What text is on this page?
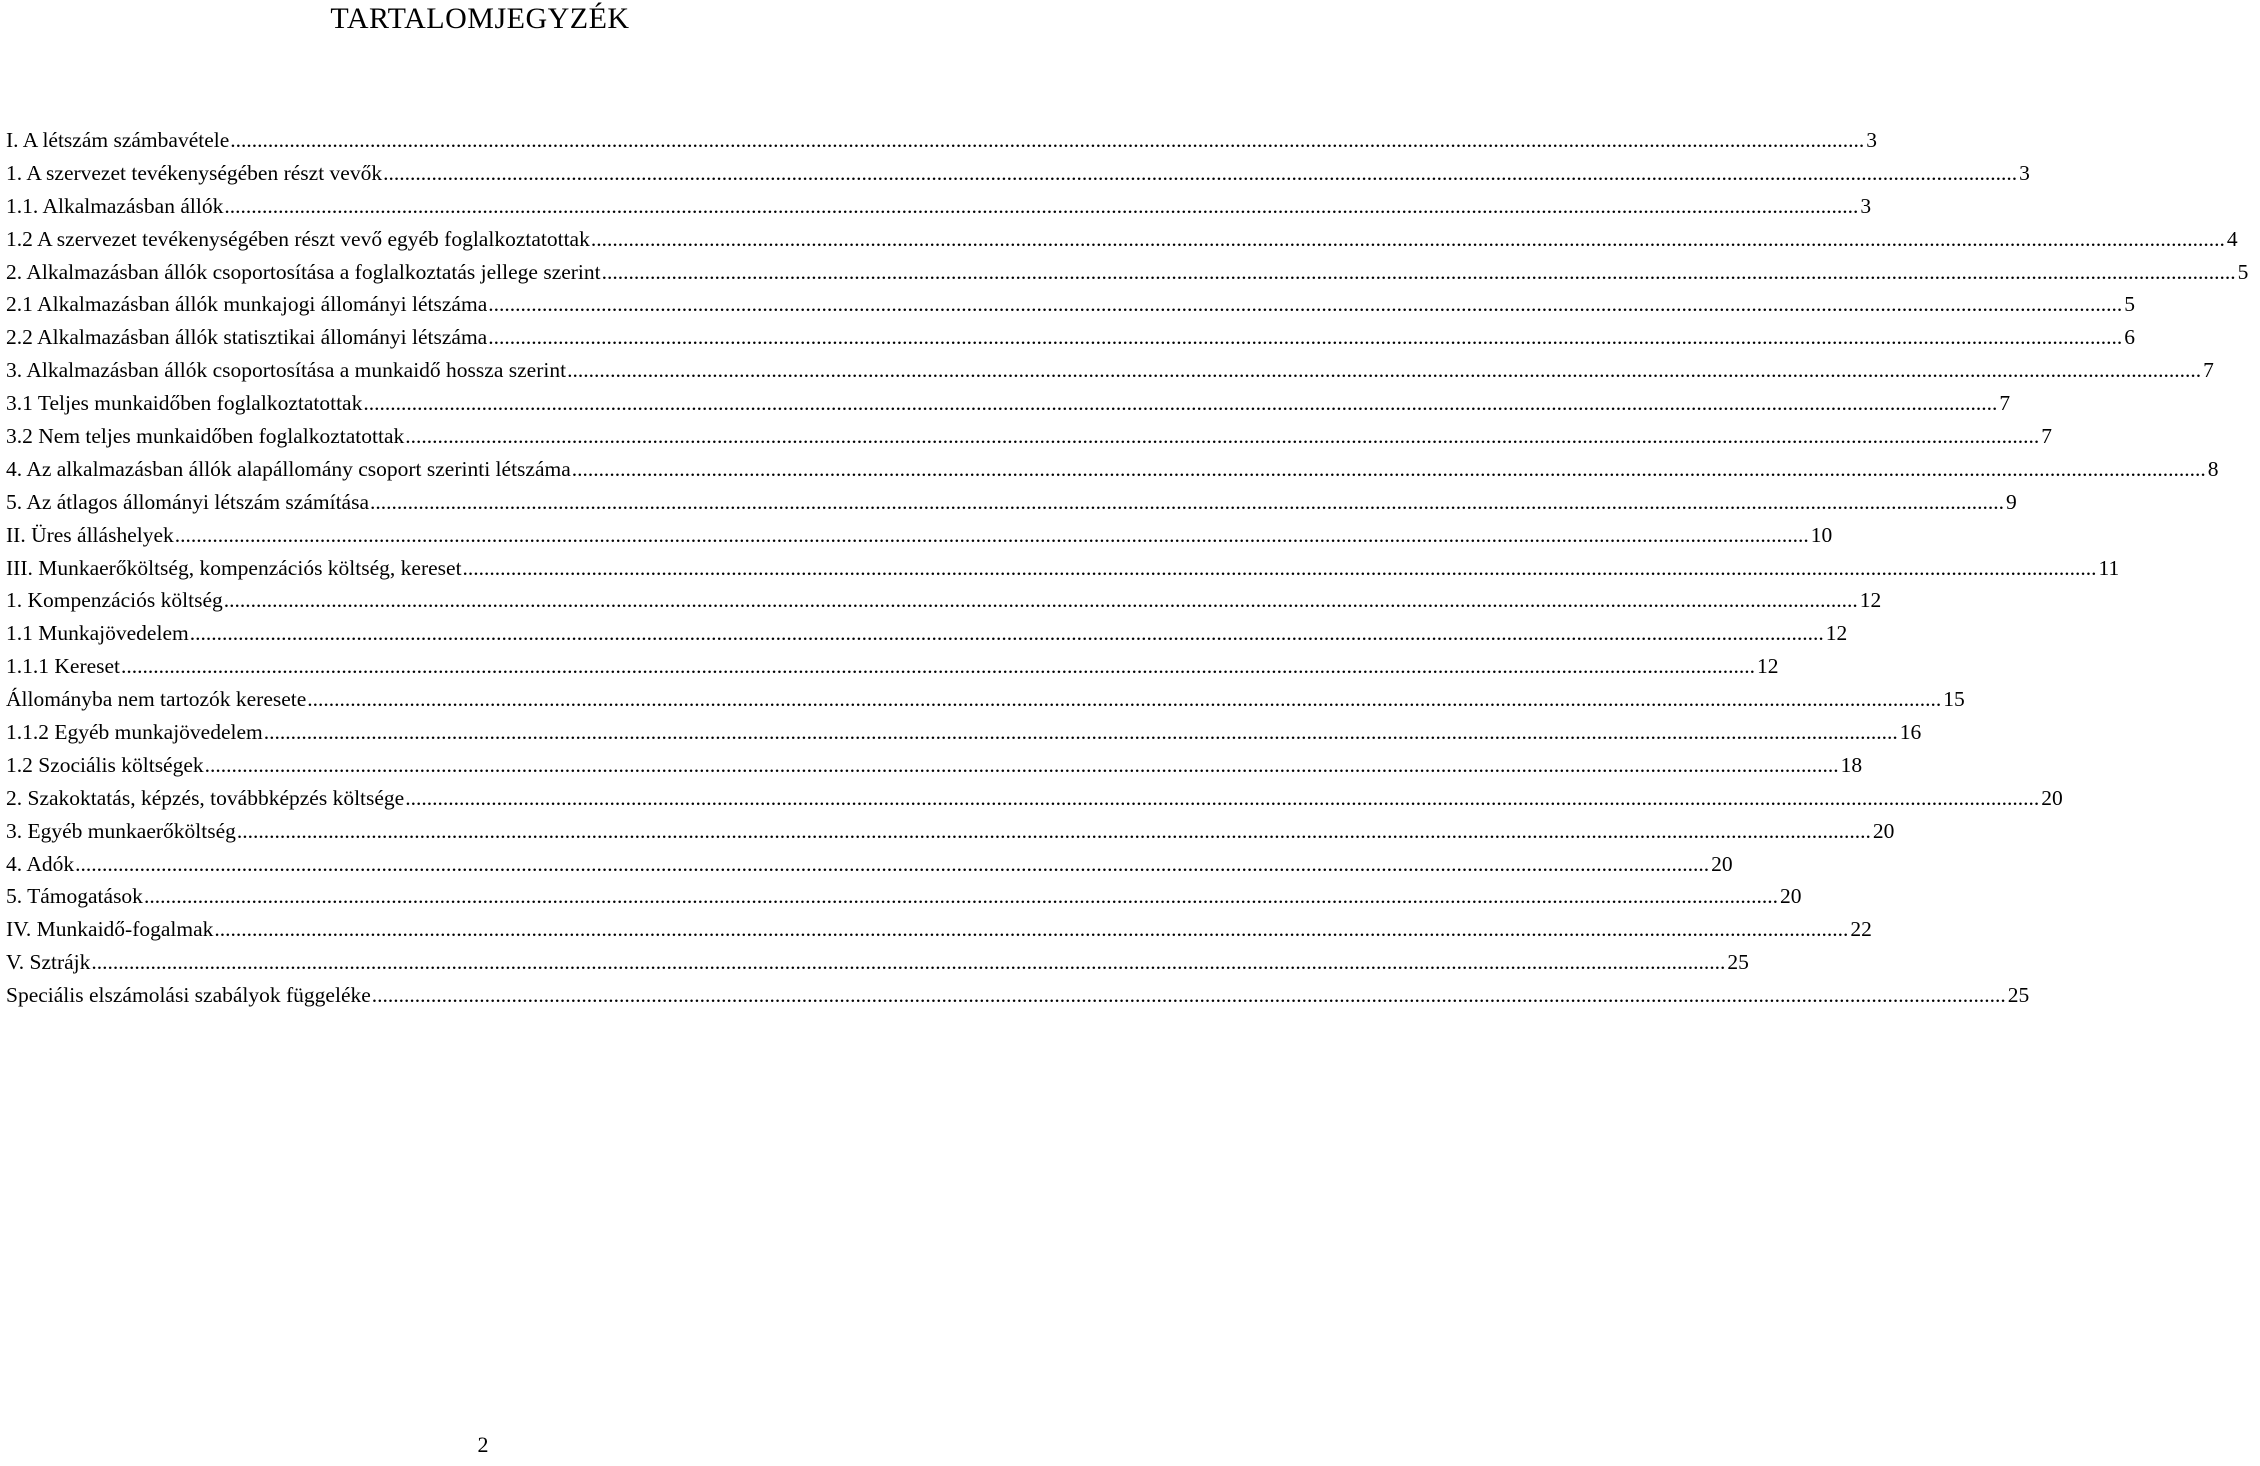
TARTALOMJEGYZÉK
I. A létszám számbavétele ................................................................................................................................................................................................................................................................................................................ 3
1. A szervezet tevékenységében részt vevők ................................................................................................................................................................................................................................................................................................................ 3
1.1. Alkalmazásban állók ................................................................................................................................................................................................................................................................................................................ 3
1.2 A szervezet tevékenységében részt vevő egyéb foglalkoztatottak ................................................................................................................................................................................................................................................................................................................ 4
2. Alkalmazásban állók csoportosítása a foglalkoztatás jellege szerint ................................................................................................................................................................................................................................................................................................................ 5
2.1 Alkalmazásban állók munkajogi állományi létszáma ................................................................................................................................................................................................................................................................................................................ 5
2.2 Alkalmazásban állók statisztikai állományi létszáma ................................................................................................................................................................................................................................................................................................................ 6
3. Alkalmazásban állók csoportosítása a munkaidő hossza szerint ................................................................................................................................................................................................................................................................................................................ 7
3.1 Teljes munkaidőben foglalkoztatottak ................................................................................................................................................................................................................................................................................................................ 7
3.2 Nem teljes munkaidőben foglalkoztatottak ................................................................................................................................................................................................................................................................................................................ 7
4. Az alkalmazásban állók alapállomány csoport szerinti létszáma ................................................................................................................................................................................................................................................................................................................ 8
5. Az átlagos állományi létszám számítása ................................................................................................................................................................................................................................................................................................................ 9
II. Üres álláshelyek ................................................................................................................................................................................................................................................................................................................ 10
III. Munkaerőköltség, kompenzációs költség, kereset ................................................................................................................................................................................................................................................................................................................ 11
1. Kompenzációs költség ................................................................................................................................................................................................................................................................................................................ 12
1.1 Munkajövedelem ................................................................................................................................................................................................................................................................................................................ 12
1.1.1 Kereset ................................................................................................................................................................................................................................................................................................................ 12
Állományba nem tartozók keresete ................................................................................................................................................................................................................................................................................................................ 15
1.1.2 Egyéb munkajövedelem ................................................................................................................................................................................................................................................................................................................ 16
1.2 Szociális költségek ................................................................................................................................................................................................................................................................................................................ 18
2. Szakoktatás, képzés, továbbképzés költsége ................................................................................................................................................................................................................................................................................................................ 20
3. Egyéb munkaerőköltség ................................................................................................................................................................................................................................................................................................................ 20
4. Adók ................................................................................................................................................................................................................................................................................................................ 20
5. Támogatások ................................................................................................................................................................................................................................................................................................................ 20
IV. Munkaidő-fogalmak ................................................................................................................................................................................................................................................................................................................ 22
V. Sztrájk ................................................................................................................................................................................................................................................................................................................ 25
Speciális elszámolási szabályok függeléke ................................................................................................................................................................................................................................................................................................................ 25
2
